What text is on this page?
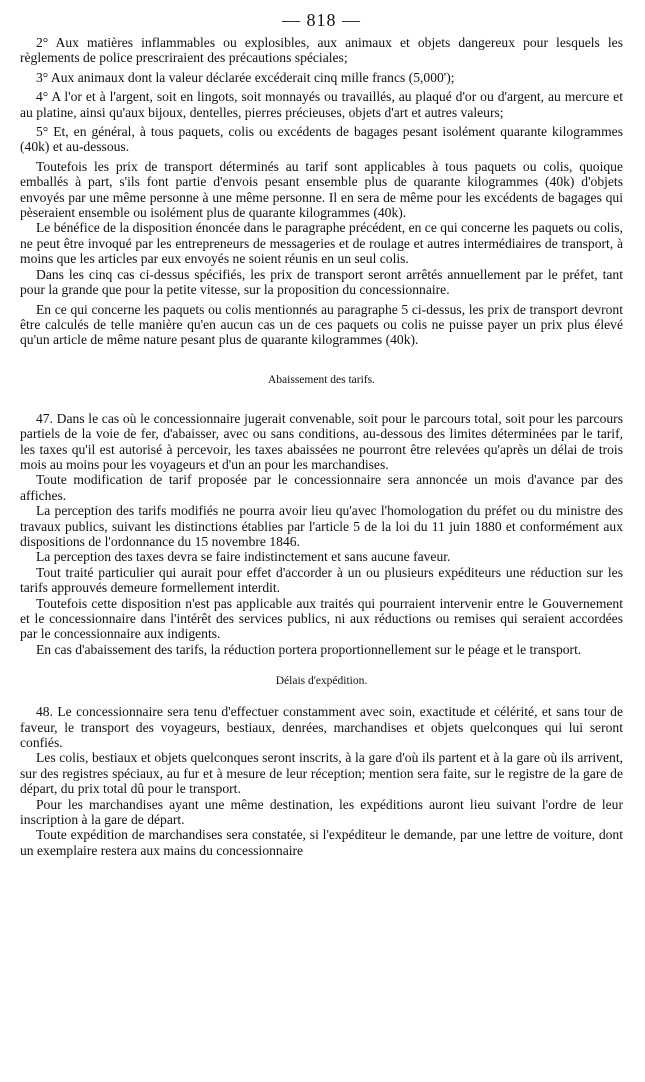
— 818 —

2° Aux matières inflammables ou explosibles, aux animaux et objets dangereux pour lesquels les règlements de police prescriraient des précautions spéciales;

3° Aux animaux dont la valeur déclarée excéderait cinq mille francs (5,000');

4° A l'or et à l'argent, soit en lingots, soit monnayés ou travaillés, au plaqué d'or ou d'argent, au mercure et au platine, ainsi qu'aux bijoux, dentelles, pierres précieuses, objets d'art et autres valeurs;

5° Et, en général, à tous paquets, colis ou excédents de bagages pesant isolément quarante kilogrammes (40k) et au-dessous.

Toutefois les prix de transport déterminés au tarif sont applicables à tous paquets ou colis, quoique emballés à part, s'ils font partie d'envois pesant ensemble plus de quarante kilogrammes (40k) d'objets envoyés par une même personne à une même personne. Il en sera de même pour les excédents de bagages qui pèseraient ensemble ou isolément plus de quarante kilogrammes (40k).

Le bénéfice de la disposition énoncée dans le paragraphe précédent, en ce qui concerne les paquets ou colis, ne peut être invoqué par les entrepreneurs de messageries et de roulage et autres intermédiaires de transport, à moins que les articles par eux envoyés ne soient réunis en un seul colis.

Dans les cinq cas ci-dessus spécifiés, les prix de transport seront arrêtés annuellement par le préfet, tant pour la grande que pour la petite vitesse, sur la proposition du concessionnaire.

En ce qui concerne les paquets ou colis mentionnés au paragraphe 5 ci-dessus, les prix de transport devront être calculés de telle manière qu'en aucun cas un de ces paquets ou colis ne puisse payer un prix plus élevé qu'un article de même nature pesant plus de quarante kilogrammes (40k).

Abaissement des tarifs.

47. Dans le cas où le concessionnaire jugerait convenable, soit pour le parcours total, soit pour les parcours partiels de la voie de fer, d'abaisser, avec ou sans conditions, au-dessous des limites déterminées par le tarif, les taxes qu'il est autorisé à percevoir, les taxes abaissées ne pourront être relevées qu'après un délai de trois mois au moins pour les voyageurs et d'un an pour les marchandises.

Toute modification de tarif proposée par le concessionnaire sera annoncée un mois d'avance par des affiches.

La perception des tarifs modifiés ne pourra avoir lieu qu'avec l'homologation du préfet ou du ministre des travaux publics, suivant les distinctions établies par l'article 5 de la loi du 11 juin 1880 et conformément aux dispositions de l'ordonnance du 15 novembre 1846.

La perception des taxes devra se faire indistinctement et sans aucune faveur.

Tout traité particulier qui aurait pour effet d'accorder à un ou plusieurs expéditeurs une réduction sur les tarifs approuvés demeure formellement interdit.

Toutefois cette disposition n'est pas applicable aux traités qui pourraient intervenir entre le Gouvernement et le concessionnaire dans l'intérêt des services publics, ni aux réductions ou remises qui seraient accordées par le concessionnaire aux indigents.

En cas d'abaissement des tarifs, la réduction portera proportionnellement sur le péage et le transport.

Délais d'expédition.

48. Le concessionnaire sera tenu d'effectuer constamment avec soin, exactitude et célérité, et sans tour de faveur, le transport des voyageurs, bestiaux, denrées, marchandises et objets quelconques qui lui seront confiés.

Les colis, bestiaux et objets quelconques seront inscrits, à la gare d'où ils partent et à la gare où ils arrivent, sur des registres spéciaux, au fur et à mesure de leur réception; mention sera faite, sur le registre de la gare de départ, du prix total dû pour le transport.

Pour les marchandises ayant une même destination, les expéditions auront lieu suivant l'ordre de leur inscription à la gare de départ.

Toute expédition de marchandises sera constatée, si l'expéditeur le demande, par une lettre de voiture, dont un exemplaire restera aux mains du concessionnaire
